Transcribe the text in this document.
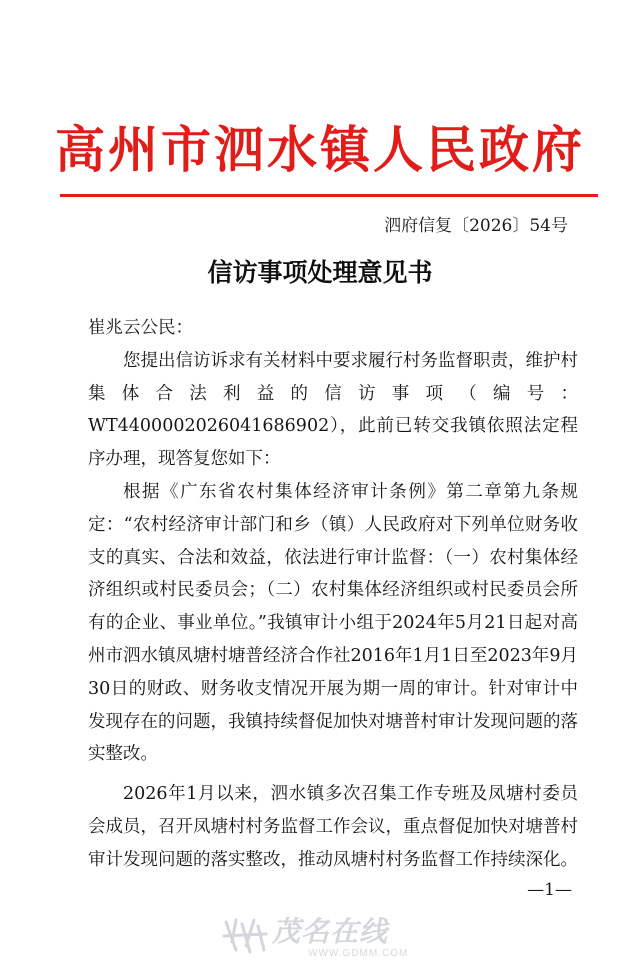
高州市泗水镇人民政府
泗府信复〔2026〕54号
信访事项处理意见书

崔兆云公民：

您提出信访诉求有关材料中要求履行村务监督职责，维护村集体合法利益的信访事项（编号：WT4400002026041686902），此前已转交我镇依照法定程序办理，现答复您如下：

根据《广东省农村集体经济审计条例》第二章第九条规定：“农村经济审计部门和乡（镇）人民政府对下列单位财务收支的真实、合法和效益，依法进行审计监督：（一）农村集体经济组织或村民委员会；（二）农村集体经济组织或村民委员会所有的企业、事业单位。”我镇审计小组于2024年5月21日起对高州市泗水镇凤塘村塘普经济合作社2016年1月1日至2023年9月30日的财政、财务收支情况开展为期一周的审计。针对审计中发现存在的问题，我镇持续督促加快对塘普村审计发现问题的落实整改。

2026年1月以来，泗水镇多次召集工作专班及凤塘村委员会成员，召开凤塘村村务监督工作会议，重点督促加快对塘普村审计发现问题的落实整改，推动凤塘村村务监督工作持续深化。

—1—
茂名在线
WWW.GDMM.COM
